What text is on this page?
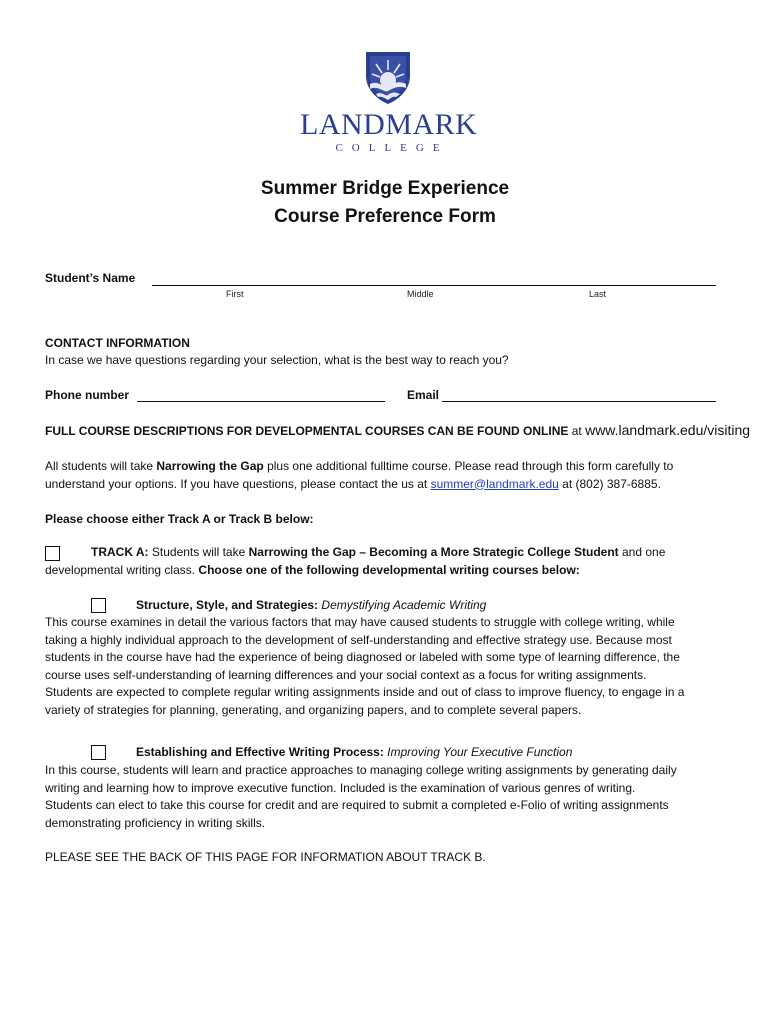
LANDMARK
COLLEGE
Summer Bridge Experience
Course Preference Form
Student’s Name
First	Middle	Last
CONTACT INFORMATION
In case we have questions regarding your selection, what is the best way to reach you?
Phone number	Email
FULL COURSE DESCRIPTIONS FOR DEVELOPMENTAL COURSES CAN BE FOUND ONLINE at www.landmark.edu/visiting
All students will take Narrowing the Gap plus one additional fulltime course. Please read through this form carefully to
understand your options. If you have questions, please contact the us at summer@landmark.edu at (802) 387-6885.
Please choose either Track A or Track B below:
TRACK A: Students will take Narrowing the Gap – Becoming a More Strategic College Student and one
developmental writing class. Choose one of the following developmental writing courses below:
Structure, Style, and Strategies: Demystifying Academic Writing
This course examines in detail the various factors that may have caused students to struggle with college writing, while
taking a highly individual approach to the development of self-understanding and effective strategy use. Because most
students in the course have had the experience of being diagnosed or labeled with some type of learning difference, the
course uses self-understanding of learning differences and your social context as a focus for writing assignments.
Students are expected to complete regular writing assignments inside and out of class to improve fluency, to engage in a
variety of strategies for planning, generating, and organizing papers, and to complete several papers.
Establishing and Effective Writing Process: Improving Your Executive Function
In this course, students will learn and practice approaches to managing college writing assignments by generating daily
writing and learning how to improve executive function. Included is the examination of various genres of writing.
Students can elect to take this course for credit and are required to submit a completed e-Folio of writing assignments
demonstrating proficiency in writing skills.
PLEASE SEE THE BACK OF THIS PAGE FOR INFORMATION ABOUT TRACK B.
